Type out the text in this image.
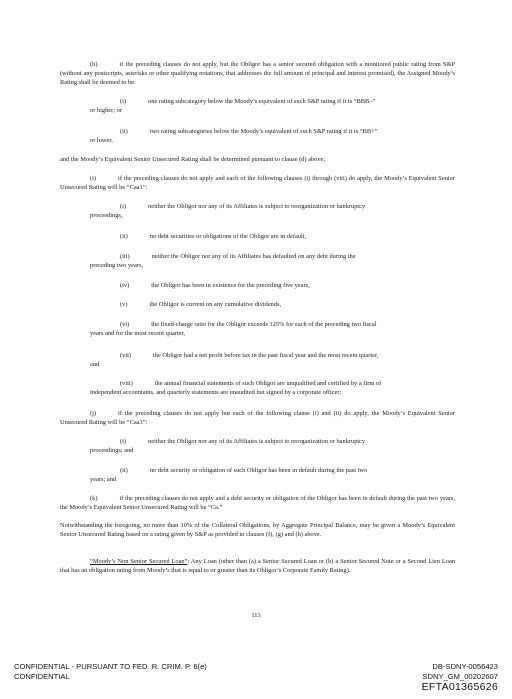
(h)	if the preceding clauses do not apply, but the Obligor has a senior secured obligation with a monitored public rating from S&P (without any postscripts, asterisks or other qualifying notations, that addresses the full amount of principal and interest promised), the Assigned Moody’s Rating shall be deemed to be:
(i)	one rating subcategory below the Moody’s equivalent of such S&P rating if it is “BBB–”
or higher; or
(ii)	two rating subcategories below the Moody’s equivalent of such S&P rating if it is “BB+”
or lower,
and the Moody’s Equivalent Senior Unsecured Rating shall be determined pursuant to clause (d) above;
(i)	if the preceding clauses do not apply and each of the following clauses (i) through (viii) do apply, the Moody’s Equivalent Senior Unsecured Rating will be “Caa1”:
(i)	neither the Obligor nor any of its Affiliates is subject to reorganization or bankruptcy
proceedings,
(ii)	no debt securities or obligations of the Obligor are in default,
(iii)	neither the Obligor nor any of its Affiliates has defaulted on any debt during the
preceding two years,
(iv)	the Obligor has been in existence for the preceding five years,
(v)	the Obligor is current on any cumulative dividends,
(vi)	the fixed-charge ratio for the Obligor exceeds 125% for each of the preceding two fiscal
years and for the most recent quarter,
(vii)	the Obligor had a net profit before tax in the past fiscal year and the most recent quarter,
and
(viii)	the annual financial statements of such Obligor are unqualified and certified by a firm of
independent accountants, and quarterly statements are unaudited but signed by a corporate officer;
(j)	if the preceding clauses do not apply but each of the following clause (i) and (ii) do apply, the Moody’s Equivalent Senior Unsecured Rating will be “Caa3”:
(i)	neither the Obligor nor any of its Affiliates is subject to reorganization or bankruptcy
proceedings; and
(ii)	no debt security or obligation of such Obligor has been in default during the past two
years; and
(k)	if the preceding clauses do not apply and a debt security or obligation of the Obligor has been in default during the past two years, the Moody’s Equivalent Senior Unsecured Rating will be “Ca.”
Notwithstanding the foregoing, no more than 10% of the Collateral Obligations, by Aggregate Principal Balance, may be given a Moody’s Equivalent Senior Unsecured Rating based on a rating given by S&P as provided in clauses (f), (g) and (h) above.
“Moody’s Non Senior Secured Loan”: Any Loan (other than (a) a Senior Secured Loan or (b) a Senior Secured Note or a Second Lien Loan that has an obligation rating from Moody’s that is equal to or greater than its Obligor’s Corporate Family Rating).
113
CONFIDENTIAL - PURSUANT TO FED. R. CRIM. P. 6(e)
CONFIDENTIAL
DB-SDNY-0056423
SDNY_GM_00202607
EFTA01365626
